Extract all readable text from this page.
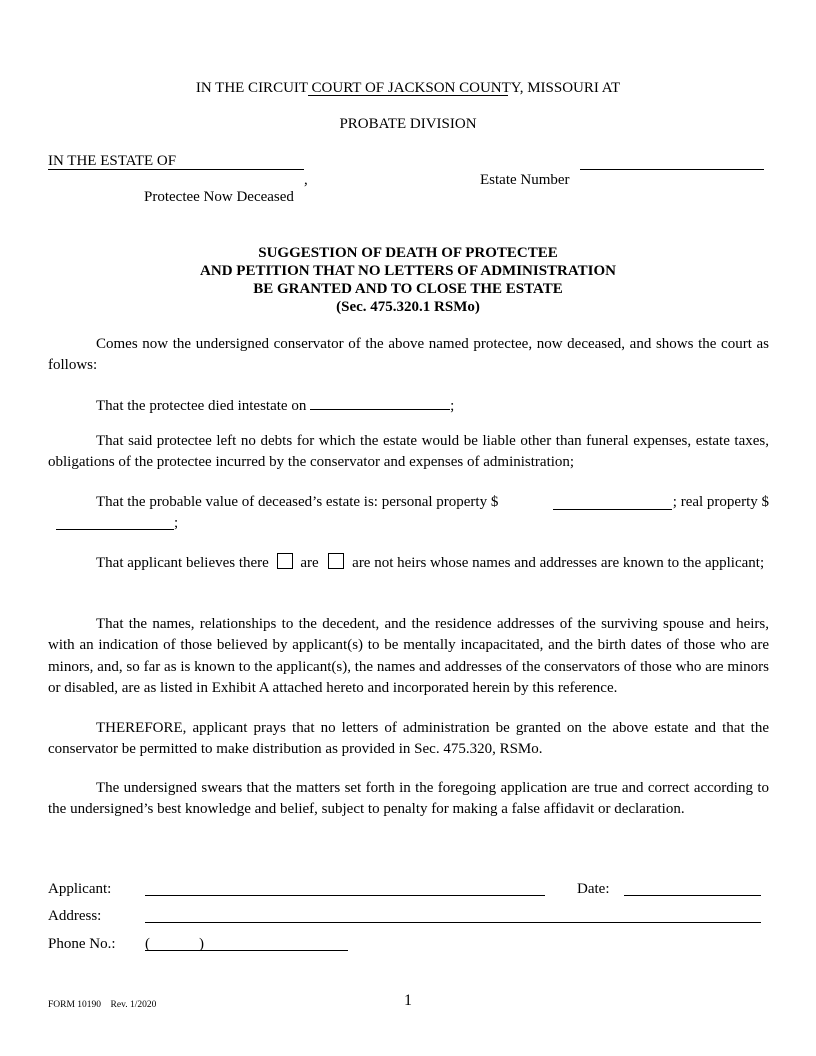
IN THE CIRCUIT COURT OF JACKSON COUNTY, MISSOURI AT
PROBATE DIVISION
IN THE ESTATE OF
,
Protectee Now Deceased
Estate Number
SUGGESTION OF DEATH OF PROTECTEE
AND PETITION THAT NO LETTERS OF ADMINISTRATION
BE GRANTED AND TO CLOSE THE ESTATE
(Sec. 475.320.1 RSMo)
Comes now the undersigned conservator of the above named protectee, now deceased, and shows the court as follows:
That the protectee died intestate on	;
That said protectee left no debts for which the estate would be liable other than funeral expenses, estate taxes, obligations of the protectee incurred by the conservator and expenses of administration;
That the probable value of deceased’s estate is: personal property $	; real property $
;
That applicant believes there are are not heirs whose names and addresses are known to the applicant;
That the names, relationships to the decedent, and the residence addresses of the surviving spouse and heirs, with an indication of those believed by applicant(s) to be mentally incapacitated, and the birth dates of those who are minors, and, so far as is known to the applicant(s), the names and addresses of the conservators of those who are minors or disabled, are as listed in Exhibit A attached hereto and incorporated herein by this reference.
THEREFORE, applicant prays that no letters of administration be granted on the above estate and that the conservator be permitted to make distribution as provided in Sec. 475.320, RSMo.
The undersigned swears that the matters set forth in the foregoing application are true and correct according to the undersigned’s best knowledge and belief, subject to penalty for making a false affidavit or declaration.
Applicant:	Date:
Address:
Phone No.: (	)
FORM 10190    Rev. 1/2020	1
